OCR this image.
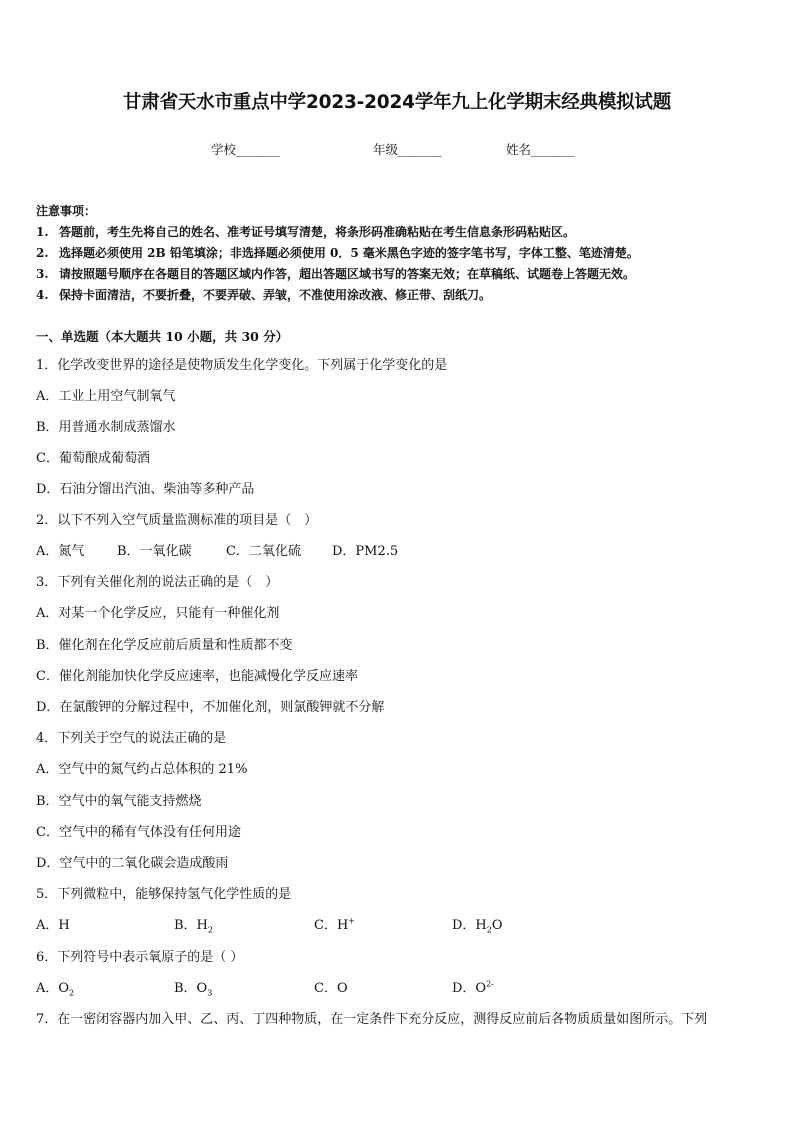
甘肃省天水市重点中学2023-2024学年九上化学期末经典模拟试题
学校_______	年级_______	姓名_______
注意事项：
1. 答题前，考生先将自己的姓名、准考证号填写清楚，将条形码准确粘贴在考生信息条形码粘贴区。
2. 选择题必须使用 2B 铅笔填涂；非选择题必须使用 0．5 毫米黑色字迹的签字笔书写，字体工整、笔迹清楚。
3. 请按照题号顺序在各题目的答题区域内作答，超出答题区域书写的答案无效；在草稿纸、试题卷上答题无效。
4. 保持卡面清洁，不要折叠，不要弄破、弄皱，不准使用涂改液、修正带、刮纸刀。
一、单选题（本大题共 10 小题，共 30 分）
1．化学改变世界的途径是使物质发生化学变化。下列属于化学变化的是
A．工业上用空气制氧气
B．用普通水制成蒸馏水
C．葡萄酿成葡萄酒
D．石油分馏出汽油、柴油等多种产品
2．以下不列入空气质量监测标准的项目是（　）
A．氮气	B．一氧化碳	C．二氧化硫 D．PM2.5
3．下列有关催化剂的说法正确的是（　）
A．对某一个化学反应，只能有一种催化剂
B．催化剂在化学反应前后质量和性质都不变
C．催化剂能加快化学反应速率，也能减慢化学反应速率
D．在氯酸钾的分解过程中，不加催化剂，则氯酸钾就不分解
4．下列关于空气的说法正确的是
A．空气中的氮气约占总体积的 21%
B．空气中的氧气能支持燃烧
C．空气中的稀有气体没有任何用途
D．空气中的二氧化碳会造成酸雨
5．下列微粒中，能够保持氢气化学性质的是
A．H	B．$H_2$	C．H+	D．$H_2O$
6．下列符号中表示氧原子的是（ ）
A．$O_2$	B．$O_3$	C．O	D．$O^{2-}$
7．在一密闭容器内加入甲、乙、丙、丁四种物质，在一定条件下充分反应，测得反应前后各物质质量如图所示。下列
